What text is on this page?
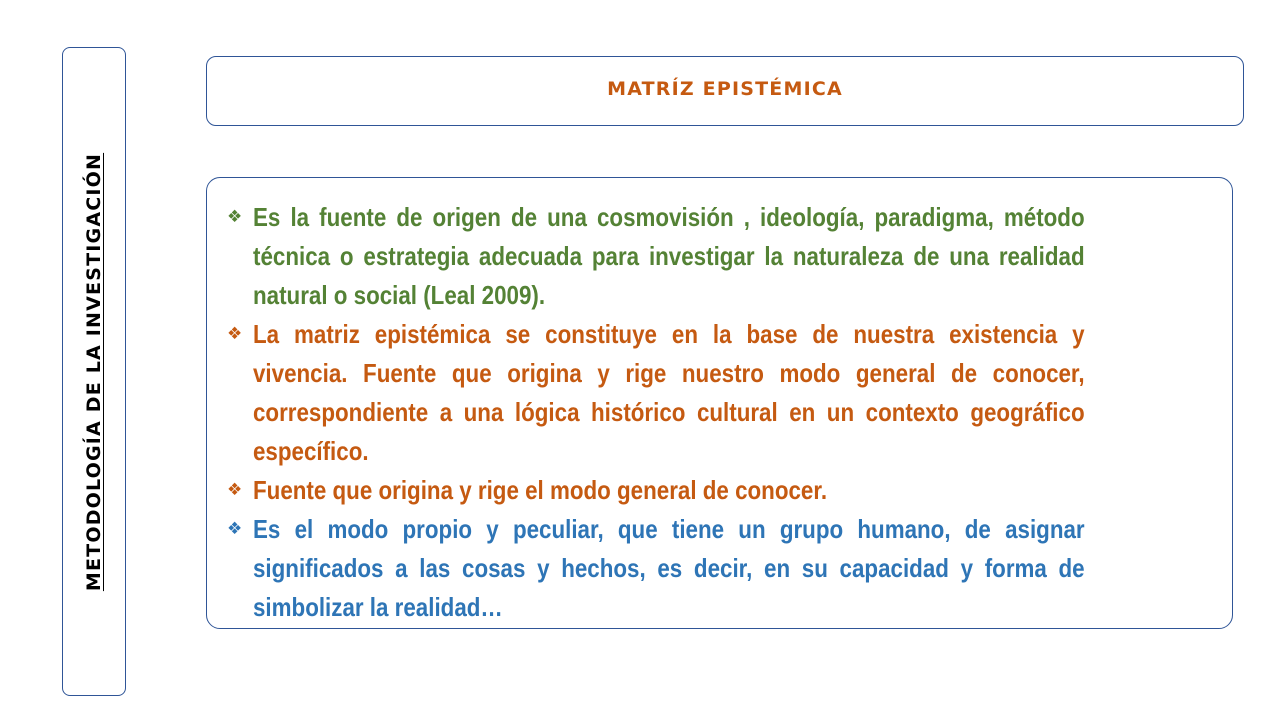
METODOLOGÍA DE LA INVESTIGACIÓN
MATRÍZ EPISTÉMICA
❖ Es la fuente de origen de una cosmovisión , ideología, paradigma, método técnica o estrategia adecuada para investigar la naturaleza de una realidad natural o social (Leal 2009).
❖ La matriz epistémica se constituye en la base de nuestra existencia y vivencia. Fuente que origina y rige nuestro modo general de conocer, correspondiente a una lógica histórico cultural en un contexto geográfico específico.
❖ Fuente que origina y rige el modo general de conocer.
❖ Es el modo propio y peculiar, que tiene un grupo humano, de asignar significados a las cosas y hechos, es decir, en su capacidad y forma de simbolizar la realidad…
